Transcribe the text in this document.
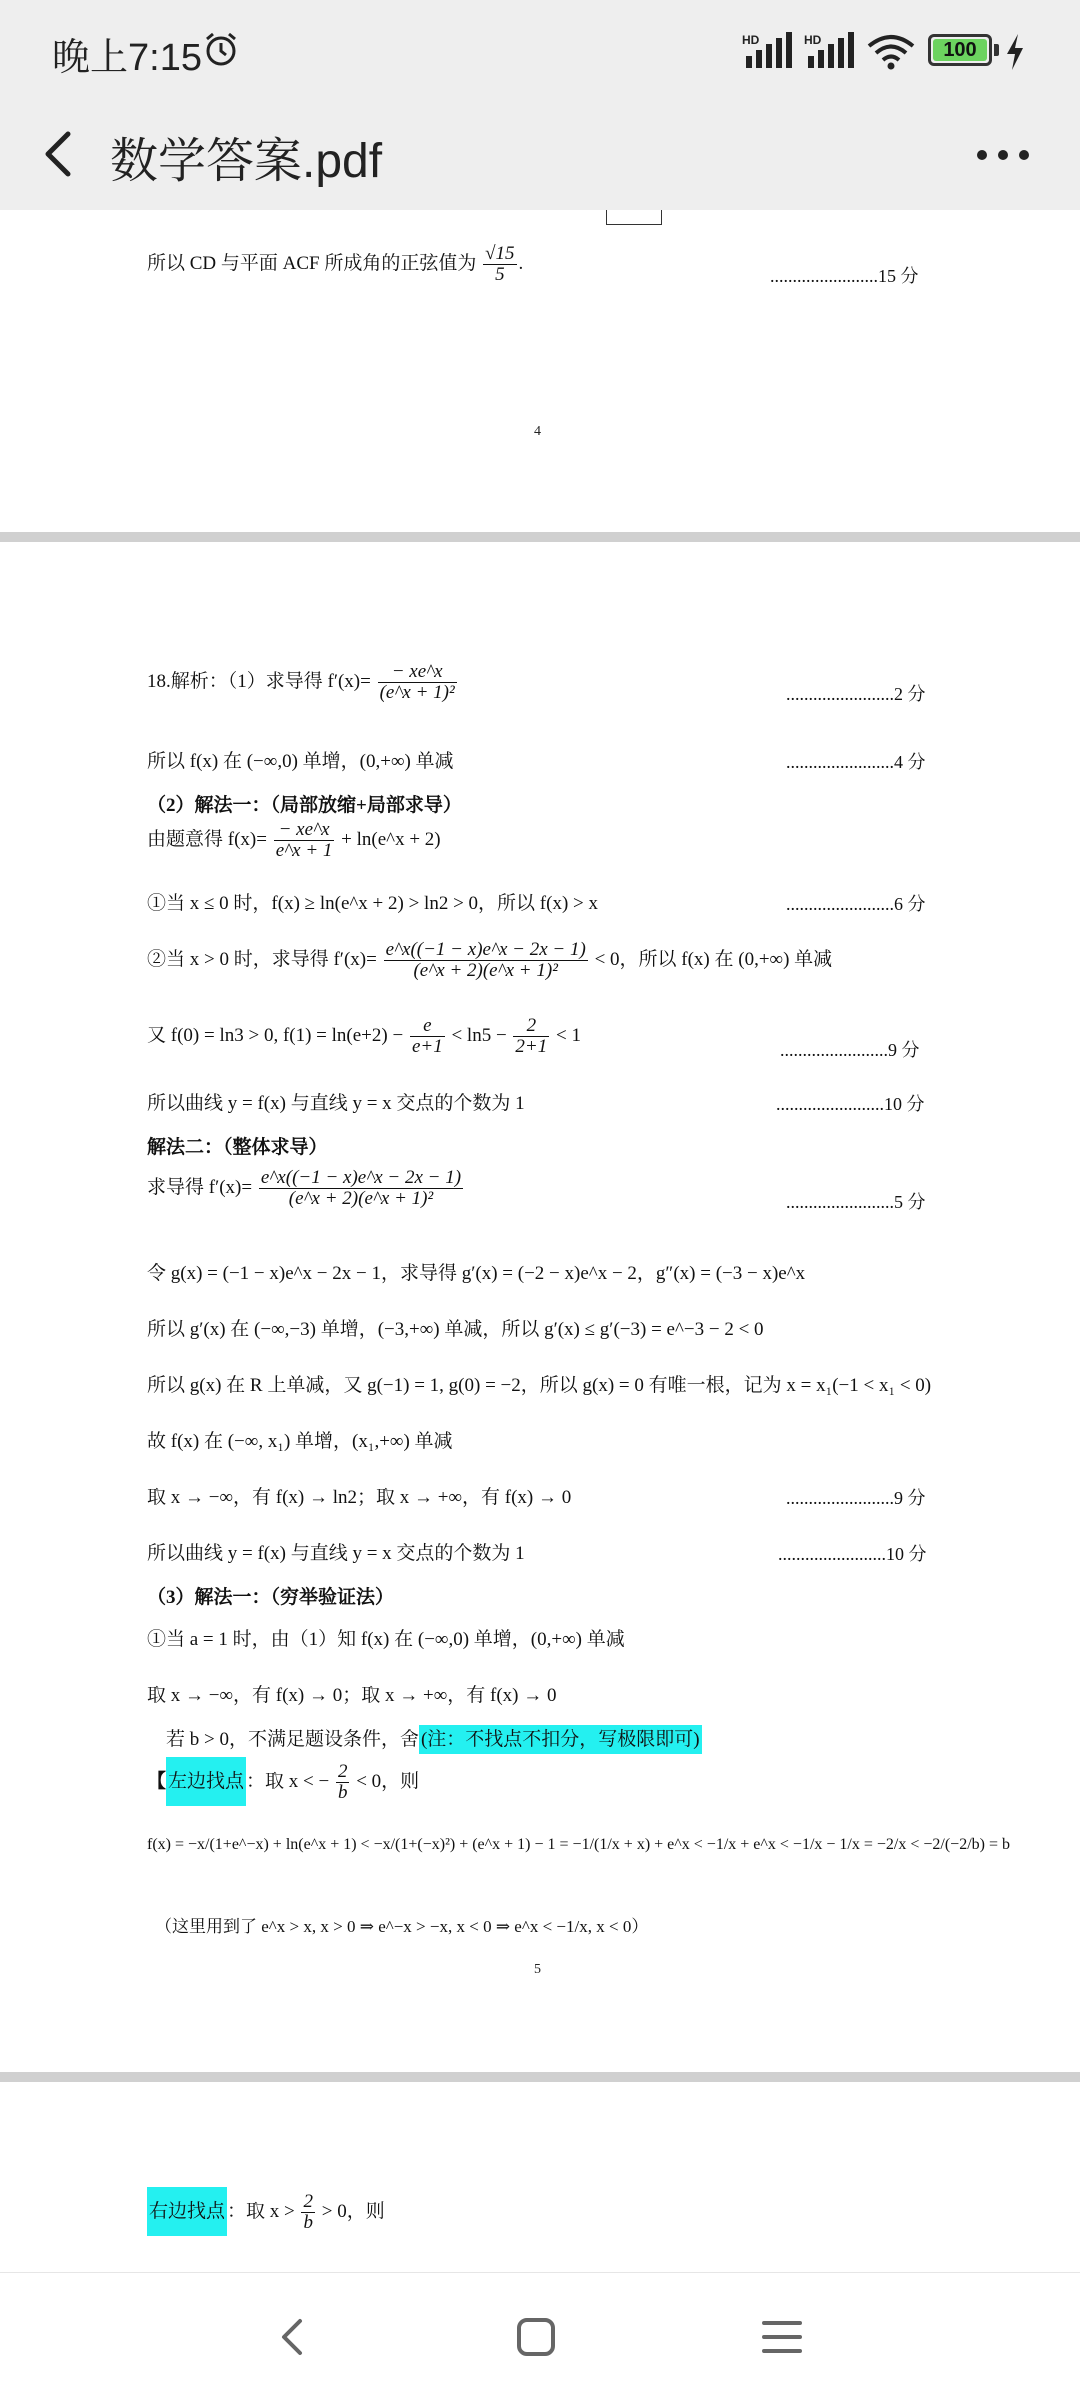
晚上7:15	HD	HD	100
数学答案.pdf
所以 CD 与平面 ACF 所成角的正弦值为 $\frac{√15}{5}$ .
........................15 分
4
18.解析：（1）求导得 $f'(x)= \frac{- xe\^{}x}{\text{(e\textasciicircum{}x + 1)²}}$	........................2 分
所以 f(x) 在 (−∞,0) 单增，(0,+∞) 单减	........................4 分
（2）解法一：（局部放缩+局部求导）
由题意得 $f(x)= \frac{- xe\^{}x}{e\^{}x + 1}$ + ln(e^x + 2)
①当 x ≤ 0 时，f(x) ≥ ln(e^x + 2) > ln2 > 0，所以 f(x) > x	........................6 分
②当 x > 0 时，求导得 $f'(x)= \frac{e\^{}x((-1 - x)e\^{}x - 2x - 1)}{\text{(e\textasciicircum{}x + 2)(e\textasciicircum{}x + 1)²}} < 0$，所以 f(x) 在 (0,+∞) 单减
又 f(0) = ln3 > 0, $f(1) = \ln(e+2) - \frac{e}{e+1} < \ln 5 - \frac{2}{2+1} < 1$
........................9 分
所以曲线 y = f(x) 与直线 y = x 交点的个数为 1	........................10 分
解法二：（整体求导）
求导得 $f'(x)= \frac{e\^{}x((-1 - x)e\^{}x - 2x - 1)}{\text{(e\textasciicircum{}x + 2)(e\textasciicircum{}x + 1)²}}$	........................5 分
令 g(x) = (−1 − x)e^x − 2x − 1，求导得 g′(x) = (−2 − x)e^x − 2，g″(x) = (−3 − x)e^x
所以 g′(x) 在 (−∞,−3) 单增，(−3,+∞) 单减，所以 g′(x) ≤ g′(−3) = e^−3 − 2 < 0
所以 g(x) 在 R 上单减，又 g(−1) = 1, g(0) = −2，所以 g(x) = 0 有唯一根，记为 x = x₁(−1 < x₁ < 0)
故 f(x) 在 (−∞, x₁) 单增，(x₁,+∞) 单减
取 x → −∞，有 f(x) → ln2；取 x → +∞，有 f(x) → 0	........................9 分
所以曲线 y = f(x) 与直线 y = x 交点的个数为 1	........................10 分
（3）解法一：（穷举验证法）
①当 a = 1 时，由（1）知 f(x) 在 (−∞,0) 单增，(0,+∞) 单减
取 x → −∞，有 f(x) → 0；取 x → +∞，有 f(x) → 0
若 b > 0，不满足题设条件，舍 (注：不找点不扣分，写极限即可)
【 左边找点 ：取 x < − $\frac{2}{b} < 0$，则
f(x) = −x/(1+e^−x) + ln(e^x + 1) < −x/(1+(−x)²) + (e^x + 1) − 1 = −1/(1/x + x) + e^x < −1/x + e^x < −1/x − 1/x = −2/x < −2/(−2/b) = b
（这里用到了 e^x > x, x > 0 ⇒ e^−x > −x, x < 0 ⇒ e^x < −1/x, x < 0）
5
右边找点 ：取 $x > \frac{2}{b} > 0$，则
